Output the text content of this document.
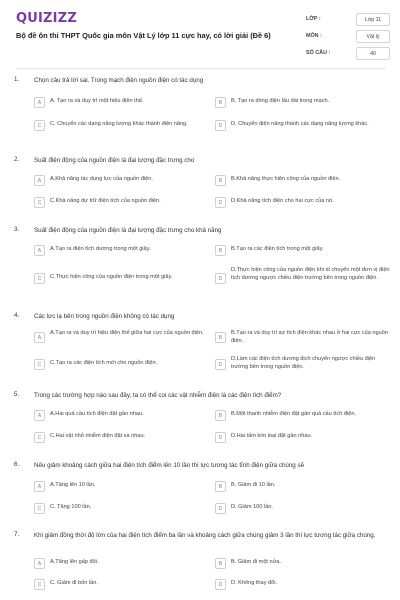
QUIZIZZ
Bộ đề ôn thi THPT Quốc gia môn Vật Lý lớp 11 cực hay, có lời giải (Đề 6)
LỚP :	Lớp 11
MÔN :	Vật lý
SỐ CÂU :	40
1. Chọn câu trả lời sai. Trong mạch điện nguồn điện có tác dụng
A	A. Tạo ra và duy trì một hiệu điện thế.	B	B. Tạo ra dòng điện lâu dài trong mạch.
C	C. Chuyển các dạng năng lượng khác thành điện năng.	D	D. Chuyển điện năng thành các dạng năng lượng khác.
2. Suất điện động của nguồn điện là đại lượng đặc trưng cho
A	A.Khả năng tác dụng lực của nguồn điện.	B	B.Khả năng thực hiện công của nguồn điện.
C	C.Khả năng dự trữ điện tích của nguồn điện.	D	D.Khả năng tích điện cho hai cực của nó.
3. Suất điện động của nguồn điện là đại lượng đặc trưng cho khả năng
A	A.Tạo ra điện tích dương trong một giây.	B	B.Tạo ra các điện tích trong một giây.
C	C.Thực hiện công của nguồn điện trong một giây.	D
D.Thực hiện công của nguồn điện khi di chuyển một đơn vị điện tích dương ngược chiều điện trường bên trong nguồn điện.
4. Các lực lạ bên trong nguồn điện không có tác dụng
A
A.Tạo ra và duy trì hiệu điện thế giữa hai cực của nguồn điện.
B
B.Tạo ra và duy trì sự tích điện khác nhau ở hai cực của nguồn điện.
C	C.Tạo ra các điện tích mới cho nguồn điện.	D
D.Làm các điện tích dương dịch chuyển ngược chiều điện trường bên trong nguồn điện.
5. Trong các trường hợp nào sau đây, ta có thể coi các vật nhiễm điện là các điện tích điểm?
A	A.Hai quả cầu tích điện đặt gần nhau.	B	B.Một thanh nhiễm điện đặt gần quả cầu tích điện.
C	C.Hai vật nhỏ nhiễm điện đặt xa nhau.	D	D.Hai tấm kim loại đặt gần nhau.
6. Nếu giảm khoảng cách giữa hai điện tích điểm lên 10 lần thì lực tương tác tĩnh điện giữa chúng sẽ
A	A.Tăng lên 10 lần.	B	B. Giảm đi 10 lần.
C	C. Tăng 100 lần.	D	D. Giảm 100 lần.
7. Khi giảm đồng thời độ lớn của hai điện tích điểm ba lần và khoảng cách giữa chúng giảm 3 lần thì lực tương tác giữa chúng.
A	A.Tăng lên gấp đôi.	B	B. Giảm đi một nửa.
C	C. Giảm đi bốn lần.	D	D. Không thay đổi.
